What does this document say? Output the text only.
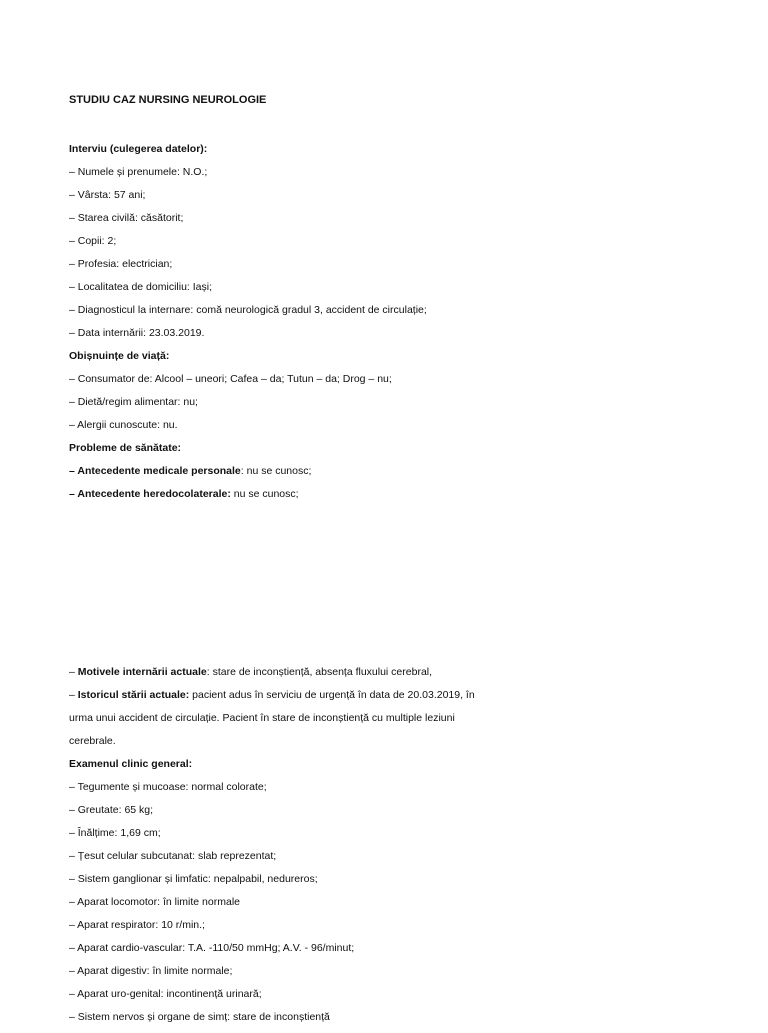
STUDIU CAZ NURSING NEUROLOGIE
Interviu (culegerea datelor):
– Numele și prenumele: N.O.;
– Vârsta: 57 ani;
– Starea civilă: căsătorit;
– Copii: 2;
– Profesia: electrician;
– Localitatea de domiciliu: Iași;
– Diagnosticul la internare: comă neurologică gradul 3, accident de circulație;
– Data internării: 23.03.2019.
Obișnuințe de viață:
– Consumator de: Alcool – uneori; Cafea – da; Tutun – da; Drog – nu;
– Dietă/regim alimentar: nu;
– Alergii cunoscute: nu.
Probleme de sănătate:
– Antecedente medicale personale: nu se cunosc;
– Antecedente heredocolaterale: nu se cunosc;
– Motivele internării actuale: stare de inconștiență, absența fluxului cerebral,
– Istoricul stării actuale: pacient adus în serviciu de urgență în data de 20.03.2019, în
urma unui accident de circulație. Pacient în stare de inconștiență cu multiple leziuni
cerebrale.
Examenul clinic general:
– Tegumente și mucoase: normal colorate;
– Greutate: 65 kg;
– Înălțime: 1,69 cm;
– Țesut celular subcutanat: slab reprezentat;
– Sistem ganglionar și limfatic: nepalpabil, nedureros;
– Aparat locomotor: în limite normale
– Aparat respirator: 10 r/min.;
– Aparat cardio-vascular: T.A. -110/50 mmHg; A.V. - 96/minut;
– Aparat digestiv: în limite normale;
– Aparat uro-genital: incontinență urinară;
– Sistem nervos și organe de simț: stare de inconștiență
